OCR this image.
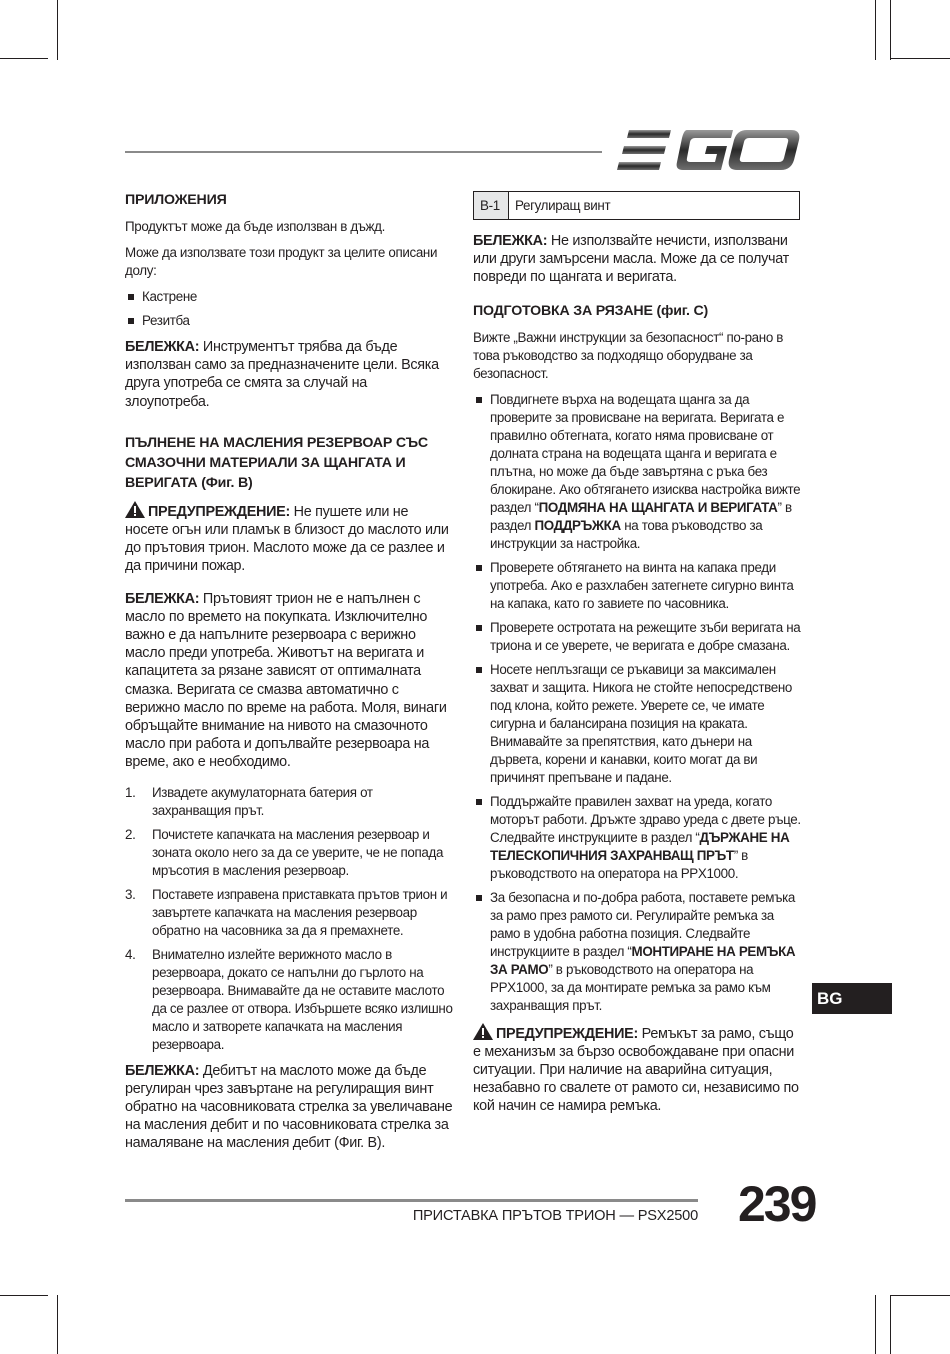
ПРИЛОЖЕНИЯ

Продуктът може да бъде използван в дъжд.

Може да използвате този продукт за целите описани долу:

Кастрене
Резитба

БЕЛЕЖКА: Инструментът трябва да бъде използван само за предназначените цели. Всяка друга употреба се смята за случай на злоупотреба.

ПЪЛНЕНЕ НА МАСЛЕНИЯ РЕЗЕРВОАР СЪС СМАЗОЧНИ МАТЕРИАЛИ ЗА ЩАНГАТА И ВЕРИГАТА (Фиг. B)

ПРЕДУПРЕЖДЕНИЕ: Не пушете или не носете огън или пламък в близост до маслото или до прътовия трион. Маслото може да се разлее и да причини пожар.

БЕЛЕЖКА: Прътовият трион не е напълнен с масло по времето на покупката. Изключително важно е да напълните резервоара с верижно масло преди употреба. Животът на веригата и капацитета за рязане зависят от оптималната смазка. Веригата се смазва автоматично с верижно масло по време на работа. Моля, винаги обръщайте внимание на нивото на смазочното масло при работа и допълвайте резервоара на време, ако е необходимо.

1. Извадете акумулаторната батерия от захранващия прът.
2. Почистете капачката на масления резервоар и зоната около него за да се уверите, че не попада мръсотия в масления резервоар.
3. Поставете изправена приставката прътов трион и завъртете капачката на масления резервоар обратно на часовника за да я премахнете.
4. Внимателно излейте верижното масло в резервоара, докато се напълни до гърлото на резервоара. Внимавайте да не оставите маслото да се разлее от отвора. Избършете всяко излишно масло и затворете капачката на масления резервоара.

БЕЛЕЖКА: Дебитът на маслото може да бъде регулиран чрез завъртане на регулиращия винт обратно на часовниковата стрелка за увеличаване на масления дебит и по часовниковата стрелка за намаляване на масления дебит (Фиг. B).

B-1	Регулиращ винт

БЕЛЕЖКА: Не използвайте нечисти, използвани или други замърсени масла. Може да се получат повреди по щангата и веригата.

ПОДГОТОВКА ЗА РЯЗАНЕ (фиг. C)

Вижте „Важни инструкции за безопасност“ по-рано в това ръководство за подходящо оборудване за безопасност.

Повдигнете върха на водещата щанга за да проверите за провисване на веригата. Веригата е правилно обтегната, когато няма провисване от долната страна на водещата щанга и веригата е плътна, но може да бъде завъртяна с ръка без блокиране. Ако обтягането изисква настройка вижте раздел “ПОДМЯНА НА ЩАНГАТА И ВЕРИГАТА” в раздел ПОДДРЪЖКА на това ръководство за инструкции за настройка.
Проверете обтягането на винта на капака преди употреба. Ако е разхлабен затегнете сигурно винта на капака, като го завиете по часовника.
Проверете остротата на режещите зъби веригата на триона и се уверете, че веригата е добре смазана.
Носете неплъзгащи се ръкавици за максимален захват и защита. Никога не стойте непосредствено под клона, който режете. Уверете се, че имате сигурна и балансирана позиция на краката. Внимавайте за препятствия, като дънери на дърветa, корени и канавки, които могат да ви причинят препъване и падане.
Поддържайте правилен захват на уреда, когато моторът работи. Дръжте здраво уреда с двете ръце. Следвайте инструкциите в раздел “ДЪРЖАНЕ НА ТЕЛЕСКОПИЧНИЯ ЗАХРАНВАЩ ПРЪТ” в ръководството на оператора на PPX1000.
За безопасна и по-добра работа, поставете ремъка за рамо през рамото си. Регулирайте ремъка за рамо в удобна работна позиция. Следвайте инструкциите в раздел “МОНТИРАНЕ НА РЕМЪКА ЗА РАМО” в ръководството на оператора на PPX1000, за да монтирате ремъка за рамо към захранващия прът.

ПРЕДУПРЕЖДЕНИЕ: Ремъкът за рамо, също е механизъм за бързо освобождаване при опасни ситуации. При наличие на аварийна ситуация, незабавно го свалете от рамото си, независимо по кой начин се намира ремъка.

BG
ПРИСТАВКА ПРЪТОВ ТРИОН — PSX2500 239
